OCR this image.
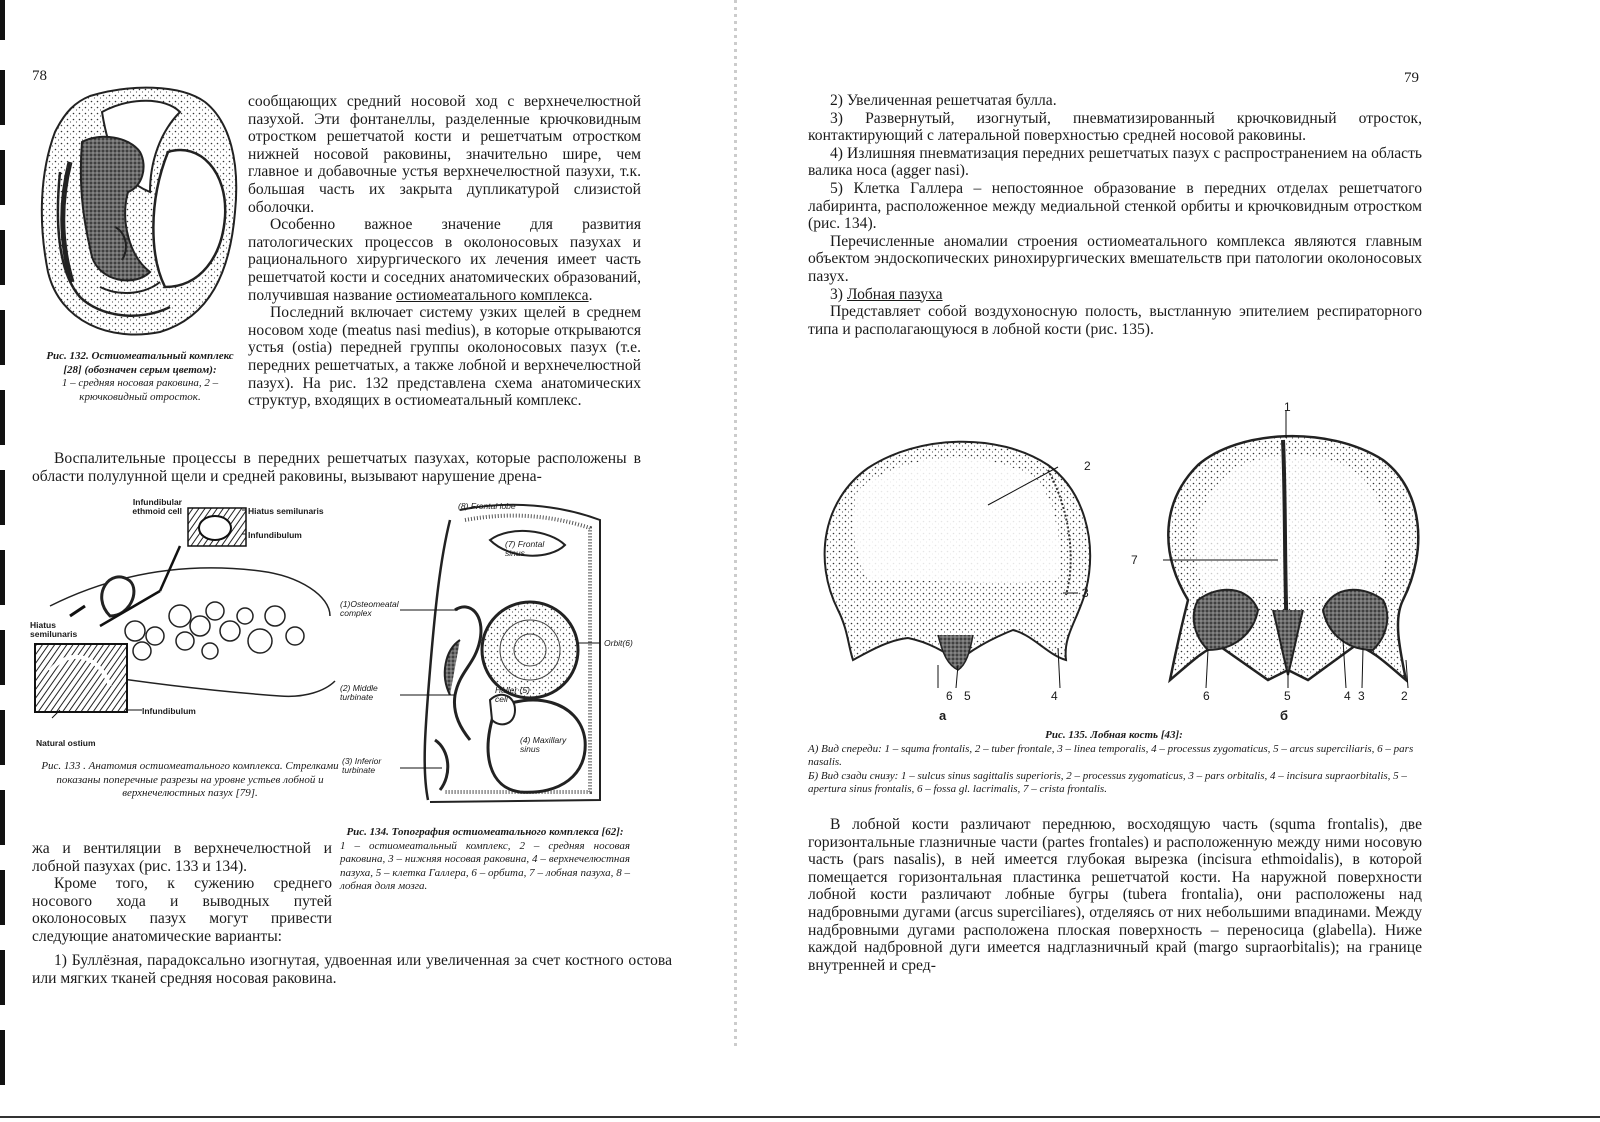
78
Рис. 132. Остиомеатальный комплекс [28] (обозначен серым цветом):
1 – средняя носовая раковина, 2 – крючковидный отросток.

сообщающих средний носовой ход с верхнечелюстной пазухой. Эти фонтанеллы, разделенные крючковидным отростком решетчатой кости и решетчатым отростком нижней носовой раковины, значительно шире, чем главное и добавочные устья верхнечелюстной пазухи, т.к. большая часть их закрыта дупликатурой слизистой оболочки.

Особенно важное значение для развития патологических процессов в околоносовых пазухах и рационального хирургического их лечения имеет часть решетчатой кости и соседних анатомических образований, получившая название остиомеатального комплекса.

Последний включает систему узких щелей в среднем носовом ходе (meatus nasi medius), в которые открываются устья (ostia) передней группы околоносовых пазух (т.е. передних решетчатых, а также лобной и верхнечелюстной пазух). На рис. 132 представлена схема анатомических структур, входящих в остиомеатальный комплекс.

Воспалительные процессы в передних решетчатых пазухах, которые расположены в области полулунной щели и средней раковины, вызывают нарушение дрена-

Infundibular ethmoid cell	Hiatus semilunaris
Infundibulum
Hiatus semilunaris
Infundibulum
Natural ostium
Рис. 133 . Анатомия остиомеатального комплекса. Стрелками показаны поперечные разрезы на уровне устьев лобной и верхнечелюстных пазух [79].
(8) Frontal lobe
(7) Frontal sinus
(1)Osteomeatal complex
Orbit(6)
(2) Middle turbinate
Haller (5) cell
(4) Maxillary sinus
(3) Inferior turbinate
Рис. 134. Топография остиомеатального комплекса [62]:
1 – остиомеатальный комплекс, 2 – средняя носовая раковина, 3 – нижняя носовая раковина, 4 – верхнечелюстная пазуха, 5 – клетка Галлера, 6 – орбита, 7 – лобная пазуха, 8 – лобная доля мозга.

жа и вентиляции в верхнечелюстной и лобной пазухах (рис. 133 и 134).

Кроме того, к сужению среднего носового хода и выводных путей околоносовых пазух могут привести следующие анатомические варианты:

1) Буллёзная, парадоксально изогнутая, удвоенная или увеличенная за счет костного остова или мягких тканей средняя носовая раковина.

79

2) Увеличенная решетчатая булла.

3) Развернутый, изогнутый, пневматизированный крючковидный отросток, контактирующий с латеральной поверхностью средней носовой раковины.

4) Излишняя пневматизация передних решетчатых пазух с распространением на область валика носа (agger nasi).

5) Клетка Галлера – непостоянное образование в передних отделах решетчатого лабиринта, расположенное между медиальной стенкой орбиты и крючковидным отростком (рис. 134).

Перечисленные аномалии строения остиомеатального комплекса являются главным объектом эндоскопических ринохирургических вмешательств при патологии околоносовых пазух.

3) Лобная пазуха

Представляет собой воздухоносную полость, выстланную эпителием респираторного типа и располагающуюся в лобной кости (рис. 135).

2
3
6 5	4
а
1
7
6	5	4 3	2
б
Рис. 135. Лобная кость [43]:
А) Вид спереди: 1 – squma frontalis, 2 – tuber frontale, 3 – linea temporalis, 4 – processus zygomaticus, 5 – arcus superciliaris, 6 – pars nasalis.
Б) Вид сзади снизу: 1 – sulcus sinus sagittalis superioris, 2 – processus zygomaticus, 3 – pars orbitalis, 4 – incisura supraorbitalis, 5 – apertura sinus frontalis, 6 – fossa gl. lacrimalis, 7 – crista frontalis.

В лобной кости различают переднюю, восходящую часть (squma frontalis), две горизонтальные глазничные части (partes frontales) и расположенную между ними носовую часть (pars nasalis), в ней имеется глубокая вырезка (incisura ethmoidalis), в которой помещается горизонтальная пластинка решетчатой кости. На наружной поверхности лобной кости различают лобные бугры (tubera frontalia), они расположены над надбровными дугами (arcus superciliares), отделяясь от них небольшими впадинами. Между надбровными дугами расположена плоская поверхность – переносица (glabella). Ниже каждой надбровной дуги имеется надглазничный край (margo supraorbitalis); на границе внутренней и сред-
